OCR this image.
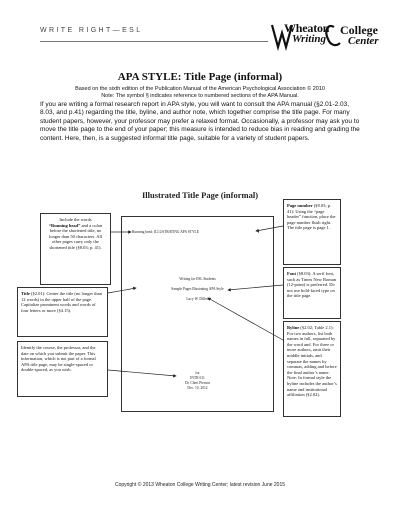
WRITE RIGHT—ESL	Wheaton
Writing
College
Center
APA STYLE: Title Page (informal)
Based on the sixth edition of the Publication Manual of the American Psychological Association © 2010
Note: The symbol § indicates reference to numbered sections of the APA Manual.
If you are writing a formal research report in APA style, you will want to consult the APA manual (§2.01-2.03, 8.03, and p.41) regarding the title, byline, and author note, which together comprise the title page. For many student papers, however, your professor may prefer a relaxed format. Occasionally, a professor may ask you to move the title page to the end of your paper; this measure is intended to reduce bias in reading and grading the content. Here, then, is a suggested informal title page, suitable for a variety of student papers.
Illustrated Title Page (informal)
Running head: ILLUSTRATING APA STYLE	1
Writing for ESL Students
Sample Pages Illustrating APA Style
Lucy W. Dillon
for
INTR 611
Dr. Cheri Pierson
Dec. 10, 2012
Include the words
“Running head” and a colon before the shortened title, no longer than 50 characters. All other pages carry only the shortened title (§8.03; p. 41).
Title (§2.01): Center the title (no longer than 12 words) in the upper half of the page. Capitalize prominent words and words of four letters or more (§4.15).
Identify the course, the professor, and the date on which you submit the paper. This information, which is not part of a formal APA title page, may be single-spaced or double-spaced, as you wish.
Page number (§8.03; p. 41): Using the “page header” function, place the page number flush right. The title page is page 1.
Font (§8.03): A serif font, such as Times New Roman (12-point) is preferred. Do not use bold-faced type on the title page.
Byline (§2.02; Table 2.1): For two authors, list both names in full, separated by the word and. For three or more authors, omit their middle initials, and separate the names by commas, adding and before the final author’s name. Note: In formal style the byline includes the author’s name and institutional affiliation (§2.02).
Copyright © 2013 Wheaton College Writing Center; latest revision June 2015
